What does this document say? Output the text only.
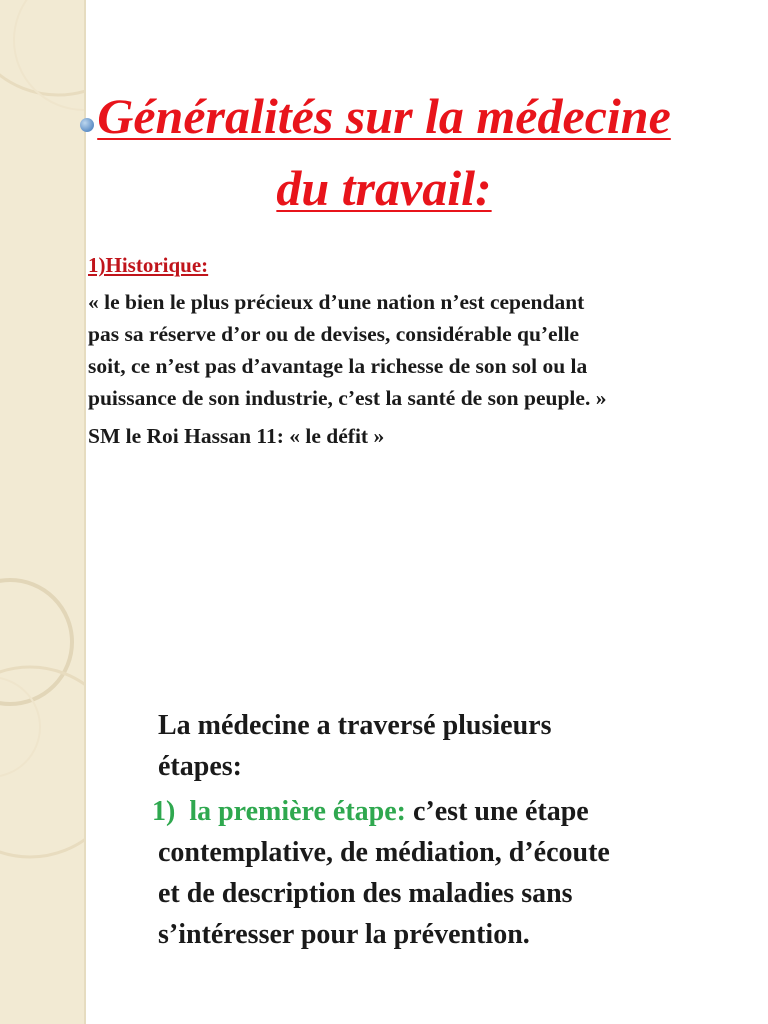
Généralités sur la médecine
du travail:

1)Historique:

« le bien le plus précieux d’une nation n’est cependant
pas sa réserve d’or ou de devises, considérable qu’elle
soit, ce n’est pas d’avantage la richesse de son sol ou la
puissance de son industrie, c’est la santé de son peuple. »

SM le Roi Hassan 11: « le défit »

La médecine a traversé plusieurs
étapes:
1) la première étape: c’est une étape
contemplative, de médiation, d’écoute
et de description des maladies sans
s’intéresser pour la prévention.
